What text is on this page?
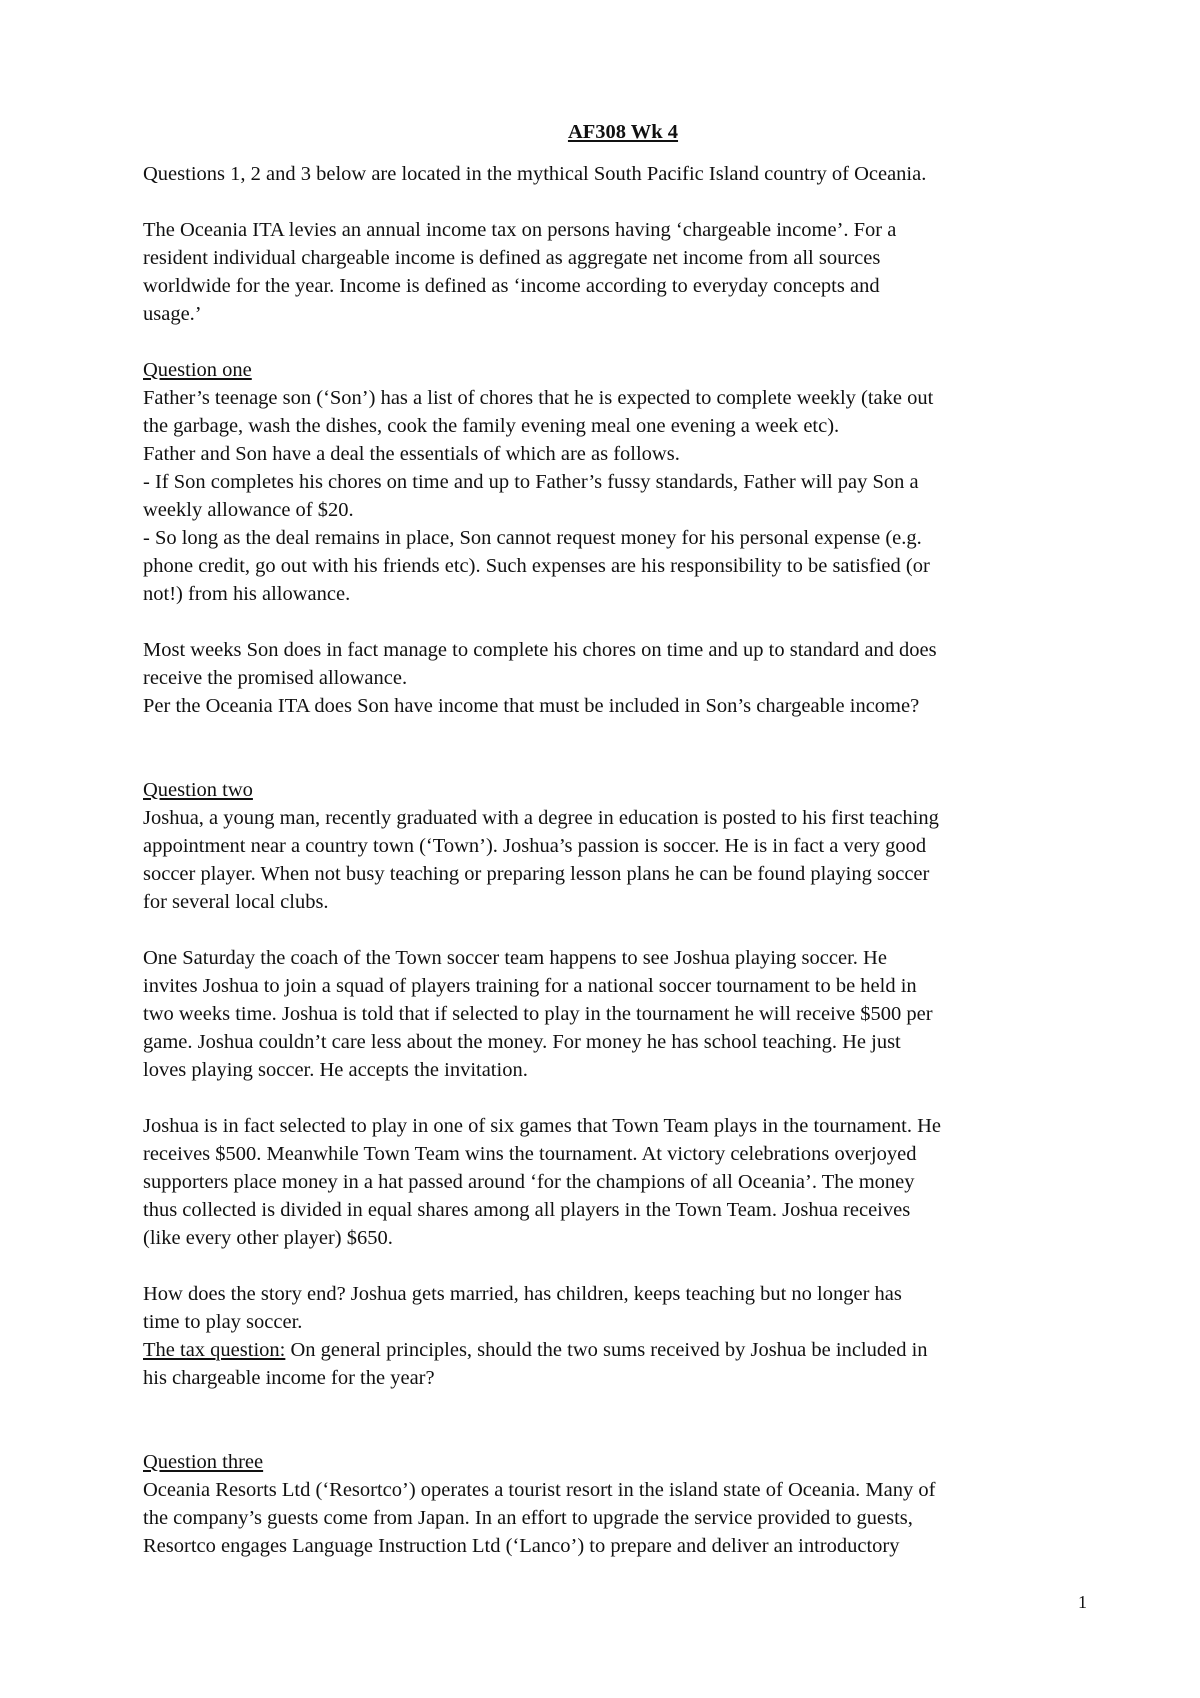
AF308 Wk 4

Questions 1, 2 and 3 below are located in the mythical South Pacific Island country of Oceania.

The Oceania ITA levies an annual income tax on persons having ‘chargeable income’. For a

resident individual chargeable income is defined as aggregate net income from all sources

worldwide for the year. Income is defined as ‘income according to everyday concepts and

usage.’

Question one

Father’s teenage son (‘Son’) has a list of chores that he is expected to complete weekly (take out

the garbage, wash the dishes, cook the family evening meal one evening a week etc).

Father and Son have a deal the essentials of which are as follows.

- If Son completes his chores on time and up to Father’s fussy standards, Father will pay Son a

weekly allowance of $20.

- So long as the deal remains in place, Son cannot request money for his personal expense (e.g.

phone credit, go out with his friends etc). Such expenses are his responsibility to be satisfied (or

not!) from his allowance.

Most weeks Son does in fact manage to complete his chores on time and up to standard and does

receive the promised allowance.

Per the Oceania ITA does Son have income that must be included in Son’s chargeable income?

Question two

Joshua, a young man, recently graduated with a degree in education is posted to his first teaching

appointment near a country town (‘Town’). Joshua’s passion is soccer. He is in fact a very good

soccer player. When not busy teaching or preparing lesson plans he can be found playing soccer

for several local clubs.

One Saturday the coach of the Town soccer team happens to see Joshua playing soccer. He

invites Joshua to join a squad of players training for a national soccer tournament to be held in

two weeks time. Joshua is told that if selected to play in the tournament he will receive $500 per

game. Joshua couldn’t care less about the money. For money he has school teaching. He just

loves playing soccer. He accepts the invitation.

Joshua is in fact selected to play in one of six games that Town Team plays in the tournament. He

receives $500. Meanwhile Town Team wins the tournament. At victory celebrations overjoyed

supporters place money in a hat passed around ‘for the champions of all Oceania’. The money

thus collected is divided in equal shares among all players in the Town Team. Joshua receives

(like every other player) $650.

How does the story end? Joshua gets married, has children, keeps teaching but no longer has

time to play soccer.

The tax question: On general principles, should the two sums received by Joshua be included in

his chargeable income for the year?

Question three

Oceania Resorts Ltd (‘Resortco’) operates a tourist resort in the island state of Oceania. Many of

the company’s guests come from Japan. In an effort to upgrade the service provided to guests,

Resortco engages Language Instruction Ltd (‘Lanco’) to prepare and deliver an introductory

1
